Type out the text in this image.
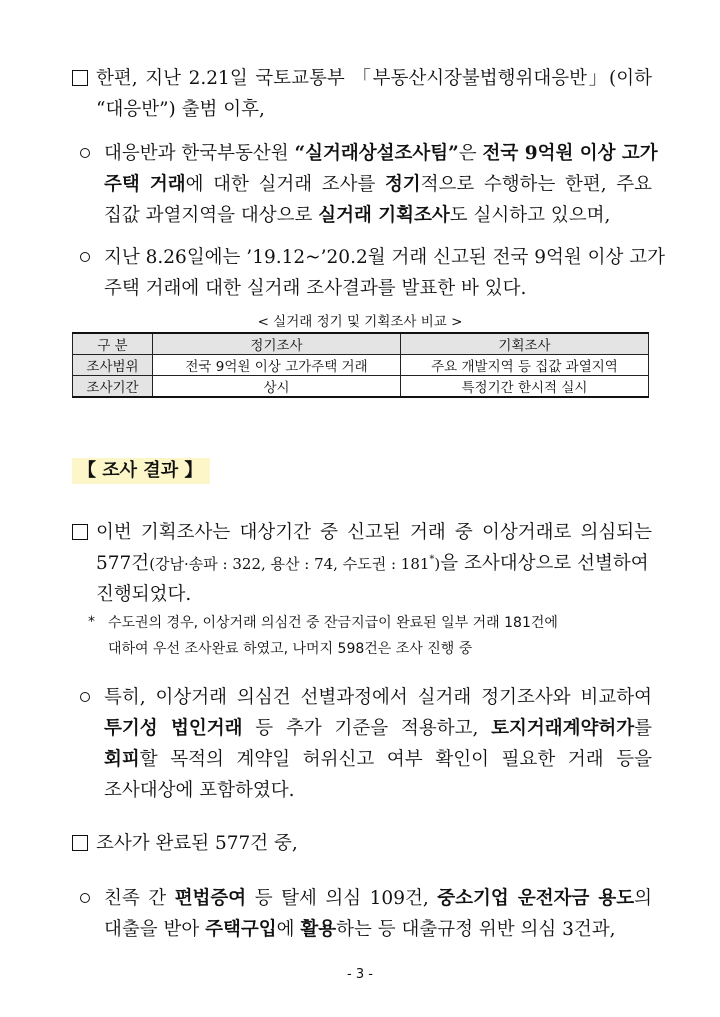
한편, 지난 2.21일 국토교통부 「부동산시장불법행위대응반」(이하
“대응반”) 출범 이후,
대응반과 한국부동산원 “실거래상설조사팀”은 전국 9억원 이상 고가
주택 거래에 대한 실거래 조사를 정기적으로 수행하는 한편, 주요
집값 과열지역을 대상으로 실거래 기획조사도 실시하고 있으며,
지난 8.26일에는 ’19.12~’20.2월 거래 신고된 전국 9억원 이상 고가
주택 거래에 대한 실거래 조사결과를 발표한 바 있다.
< 실거래 정기 및 기획조사 비교 >
구 분	정기조사	기획조사
조사범위	전국 9억원 이상 고가주택 거래	주요 개발지역 등 집값 과열지역
조사기간	상시	특정기간 한시적 실시
【 조사 결과 】
이번 기획조사는 대상기간 중 신고된 거래 중 이상거래로 의심되는
577건(강남·송파 : 322, 용산 : 74, 수도권 : 181*)을 조사대상으로 선별하여
진행되었다.
* 수도권의 경우, 이상거래 의심건 중 잔금지급이 완료된 일부 거래 181건에
대하여 우선 조사완료 하였고, 나머지 598건은 조사 진행 중
특히, 이상거래 의심건 선별과정에서 실거래 정기조사와 비교하여
투기성 법인거래 등 추가 기준을 적용하고, 토지거래계약허가를
회피할 목적의 계약일 허위신고 여부 확인이 필요한 거래 등을
조사대상에 포함하였다.
조사가 완료된 577건 중,
친족 간 편법증여 등 탈세 의심 109건, 중소기업 운전자금 용도의
대출을 받아 주택구입에 활용하는 등 대출규정 위반 의심 3건과,
- 3 -
